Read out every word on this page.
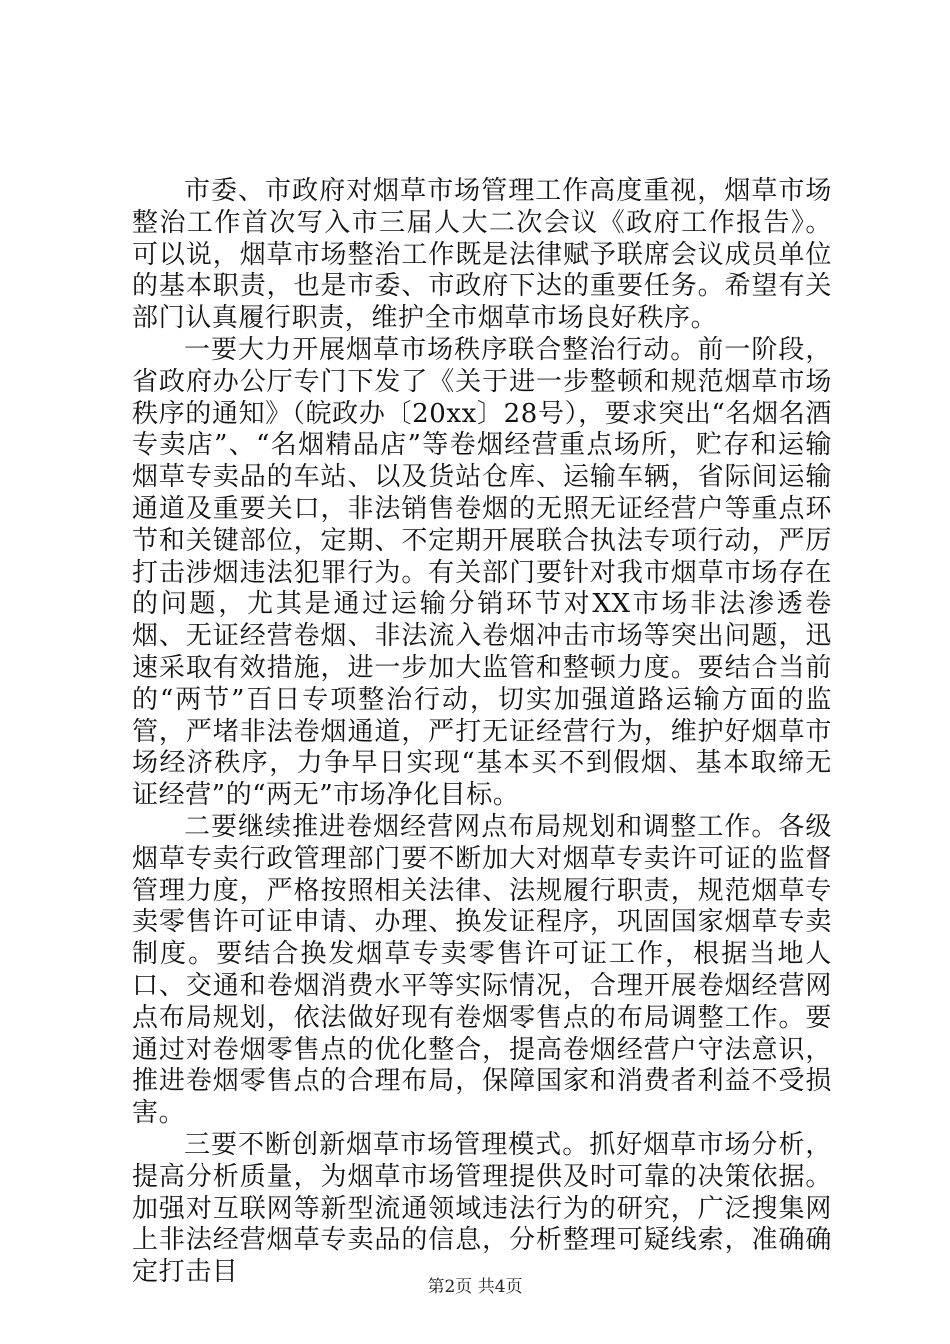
市委、市政府对烟草市场管理工作高度重视，烟草市场整治工作首次写入市三届人大二次会议《政府工作报告》。可以说，烟草市场整治工作既是法律赋予联席会议成员单位的基本职责，也是市委、市政府下达的重要任务。希望有关部门认真履行职责，维护全市烟草市场良好秩序。

一要大力开展烟草市场秩序联合整治行动。前一阶段，省政府办公厅专门下发了《关于进一步整顿和规范烟草市场秩序的通知》（皖政办〔20xx〕28号），要求突出“名烟名酒专卖店”、“名烟精品店”等卷烟经营重点场所，贮存和运输烟草专卖品的车站、以及货站仓库、运输车辆，省际间运输通道及重要关口，非法销售卷烟的无照无证经营户等重点环节和关键部位，定期、不定期开展联合执法专项行动，严厉打击涉烟违法犯罪行为。有关部门要针对我市烟草市场存在的问题，尤其是通过运输分销环节对XX市场非法渗透卷烟、无证经营卷烟、非法流入卷烟冲击市场等突出问题，迅速采取有效措施，进一步加大监管和整顿力度。要结合当前的“两节”百日专项整治行动，切实加强道路运输方面的监管，严堵非法卷烟通道，严打无证经营行为，维护好烟草市场经济秩序，力争早日实现“基本买不到假烟、基本取缔无证经营”的“两无”市场净化目标。

二要继续推进卷烟经营网点布局规划和调整工作。各级烟草专卖行政管理部门要不断加大对烟草专卖许可证的监督管理力度，严格按照相关法律、法规履行职责，规范烟草专卖零售许可证申请、办理、换发证程序，巩固国家烟草专卖制度。要结合换发烟草专卖零售许可证工作，根据当地人口、交通和卷烟消费水平等实际情况，合理开展卷烟经营网点布局规划，依法做好现有卷烟零售点的布局调整工作。要通过对卷烟零售点的优化整合，提高卷烟经营户守法意识，推进卷烟零售点的合理布局，保障国家和消费者利益不受损害。

三要不断创新烟草市场管理模式。抓好烟草市场分析，提高分析质量，为烟草市场管理提供及时可靠的决策依据。加强对互联网等新型流通领域违法行为的研究，广泛搜集网上非法经营烟草专卖品的信息，分析整理可疑线索，准确确定打击目	第2页 共4页
